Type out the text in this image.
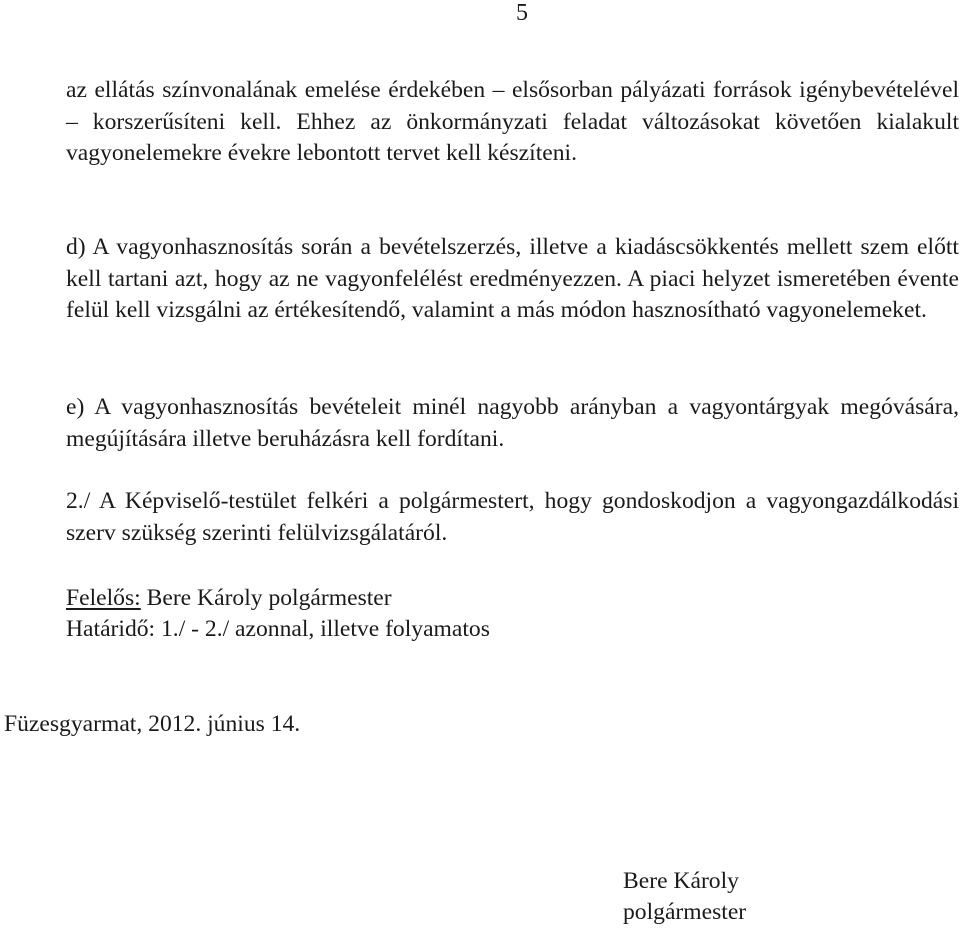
5

az ellátás színvonalának emelése érdekében – elsősorban pályázati források igénybevételével – korszerűsíteni kell. Ehhez az önkormányzati feladat változásokat követően kialakult vagyonelemekre évekre lebontott tervet kell készíteni.

d) A vagyonhasznosítás során a bevételszerzés, illetve a kiadáscsökkentés mellett szem előtt kell tartani azt, hogy az ne vagyonfelélést eredményezzen. A piaci helyzet ismeretében évente felül kell vizsgálni az értékesítendő, valamint a más módon hasznosítható vagyonelemeket.

e) A vagyonhasznosítás bevételeit minél nagyobb arányban a vagyontárgyak megóvására, megújítására illetve beruházásra kell fordítani.

2./ A Képviselő-testület felkéri a polgármestert, hogy gondoskodjon a vagyongazdálkodási szerv szükség szerinti felülvizsgálatáról.

Felelős: Bere Károly polgármester
Határidő: 1./ - 2./ azonnal, illetve folyamatos
Füzesgyarmat, 2012. június 14.
Bere Károly
polgármester
